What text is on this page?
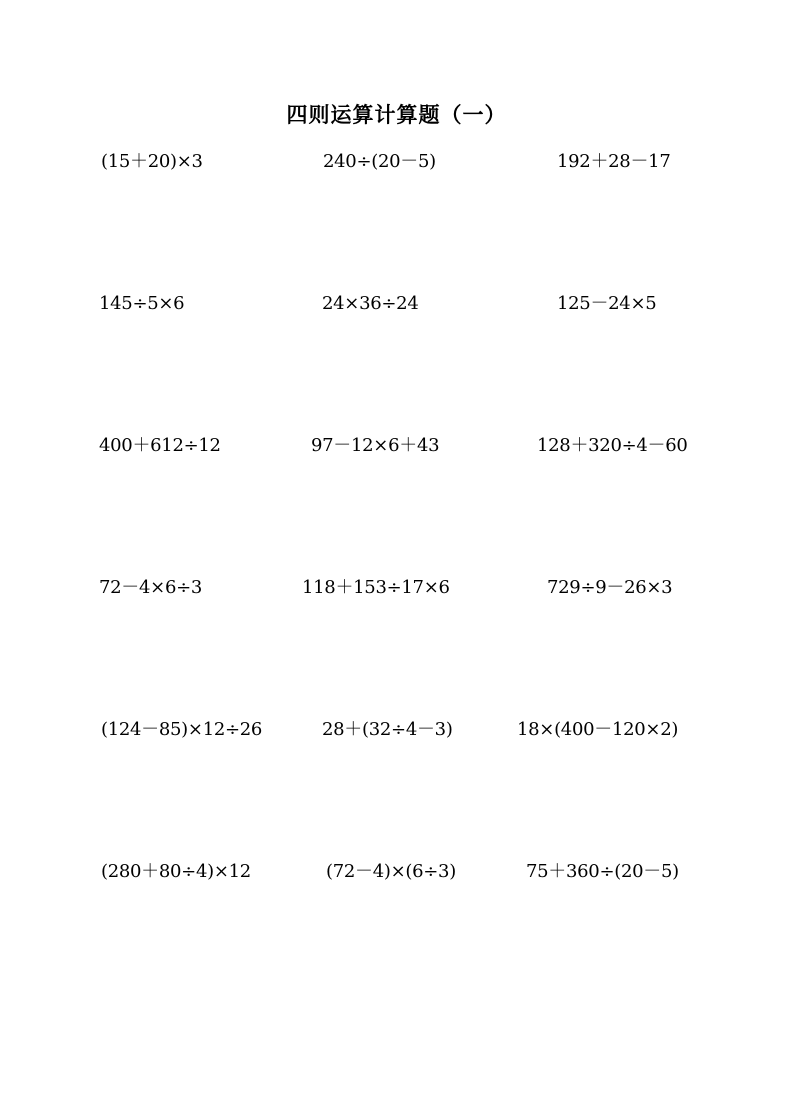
四则运算计算题（一）
(15＋20)×3	240÷(20－5)	192＋28－17
145÷5×6	24×36÷24	125－24×5
400＋612÷12	97－12×6＋43	128＋320÷4－60
72－4×6÷3	118＋153÷17×6	729÷9－26×3
(124－85)×12÷26	28＋(32÷4－3)	18×(400－120×2)
(280＋80÷4)×12	(72－4)×(6÷3)	75＋360÷(20－5)
